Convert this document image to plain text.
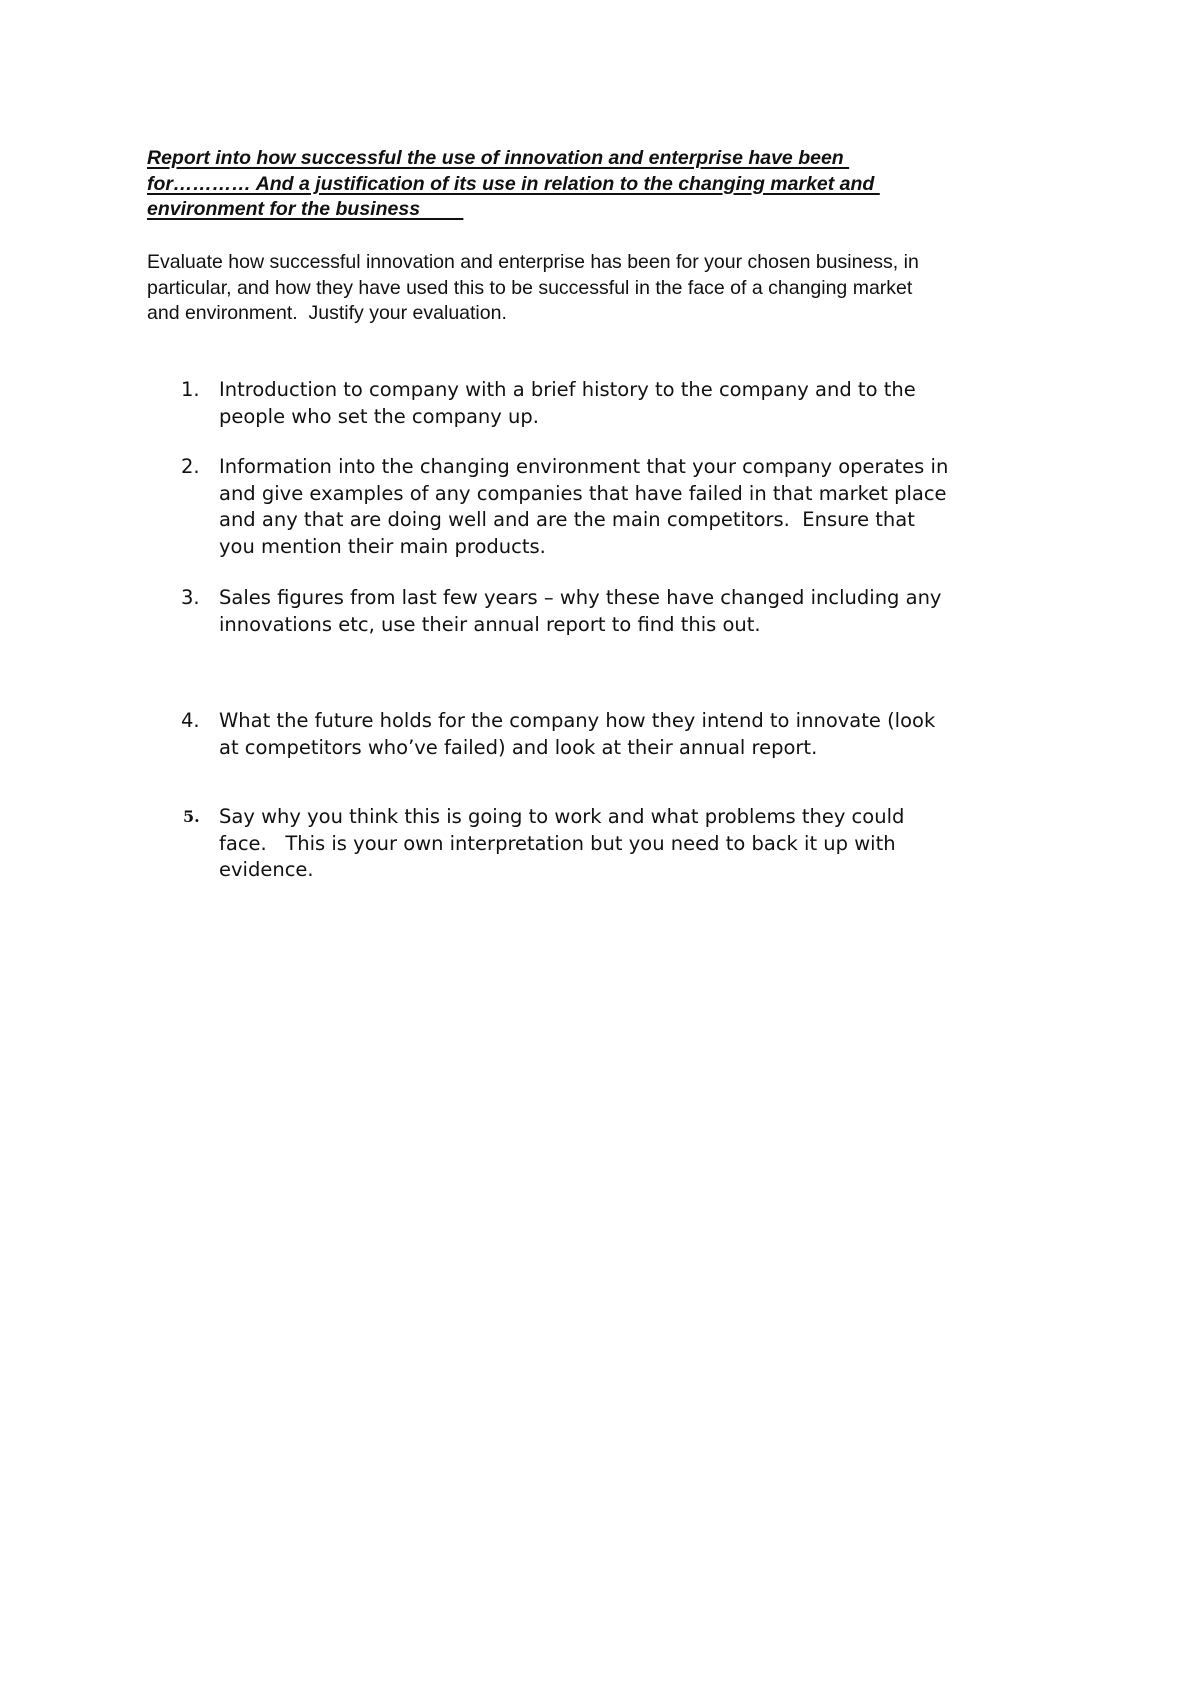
Report into how successful the use of innovation and enterprise have been
for………… And a justification of its use in relation to the changing market and
environment for the business

Evaluate how successful innovation and enterprise has been for your chosen business, in
particular, and how they have used this to be successful in the face of a changing market
and environment.  Justify your evaluation.

1. Introduction to company with a brief history to the company and to the
people who set the company up.
2. Information into the changing environment that your company operates in
and give examples of any companies that have failed in that market place
and any that are doing well and are the main competitors.  Ensure that
you mention their main products.
3. Sales figures from last few years – why these have changed including any
innovations etc, use their annual report to find this out.
4. What the future holds for the company how they intend to innovate (look
at competitors who’ve failed) and look at their annual report.
5. Say why you think this is going to work and what problems they could
face.   This is your own interpretation but you need to back it up with
evidence.
